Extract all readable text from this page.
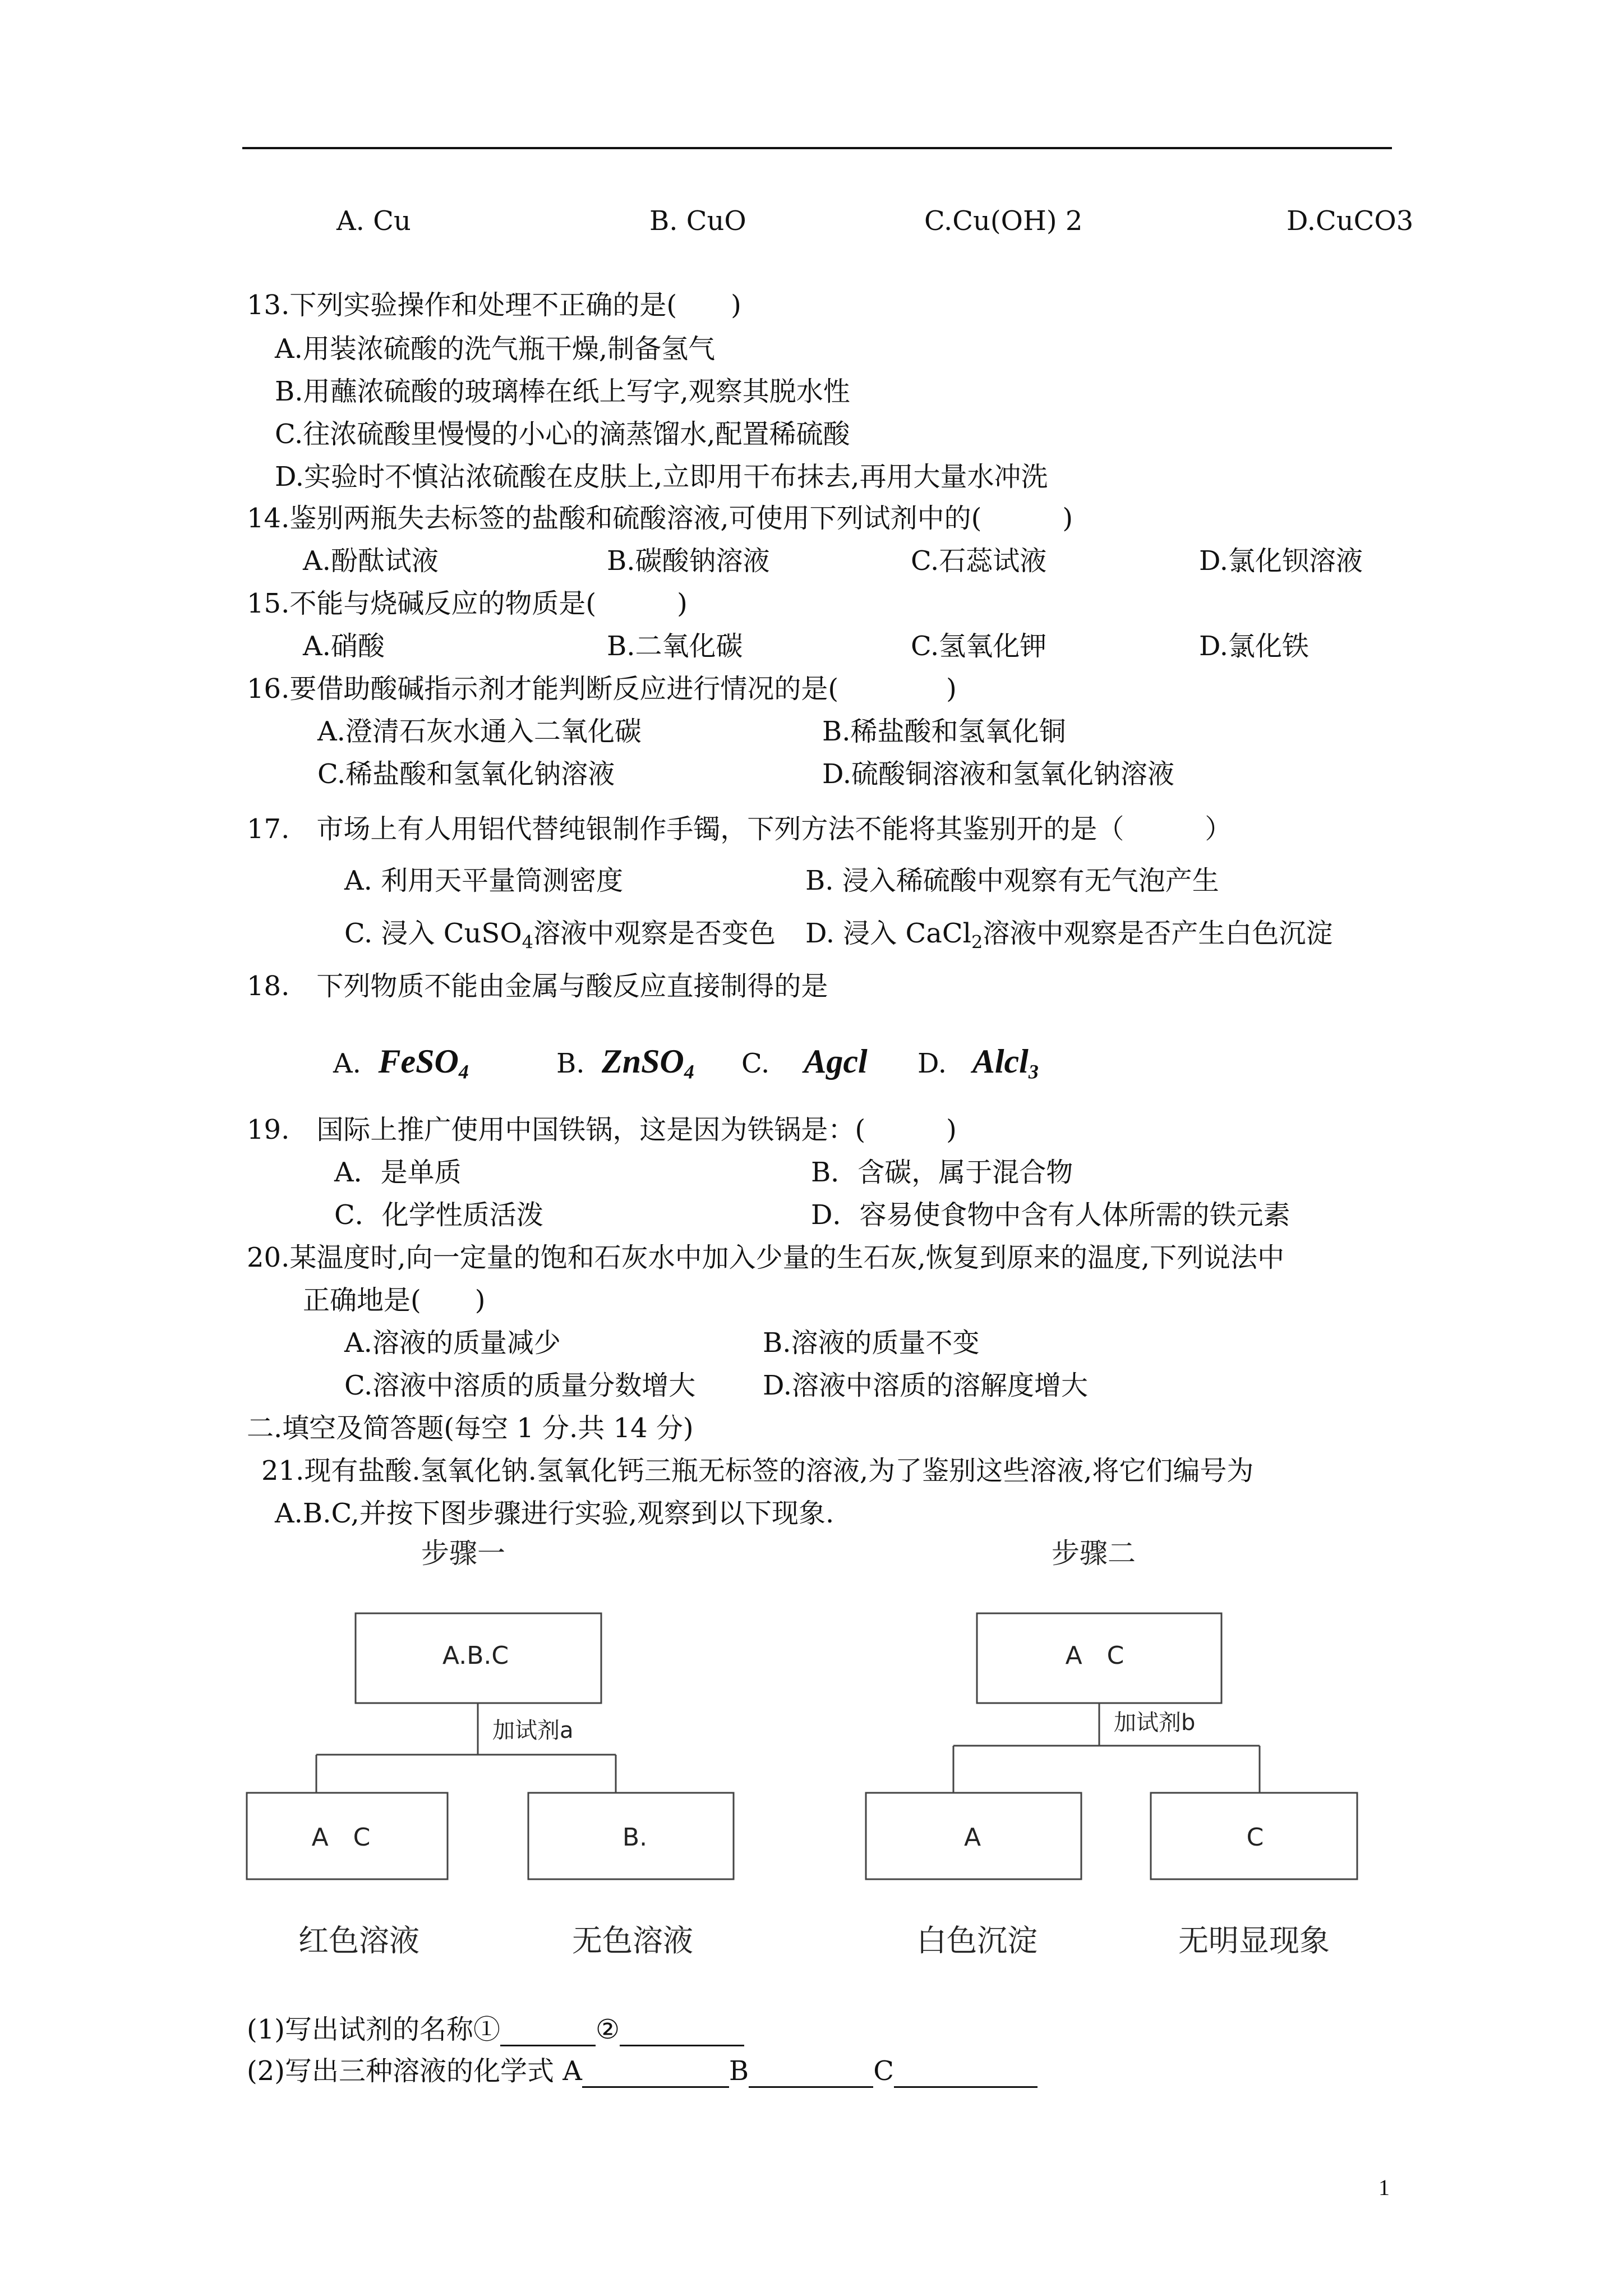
A. Cu	B. CuO	C.Cu(OH) 2	D.CuCO3
13.下列实验操作和处理不正确的是(　　)
A.用装浓硫酸的洗气瓶干燥,制备氢气
B.用蘸浓硫酸的玻璃棒在纸上写字,观察其脱水性
C.往浓硫酸里慢慢的小心的滴蒸馏水,配置稀硫酸
D.实验时不慎沾浓硫酸在皮肤上,立即用干布抹去,再用大量水冲洗
14.鉴别两瓶失去标签的盐酸和硫酸溶液,可使用下列试剂中的(　　　)
A.酚酞试液	B.碳酸钠溶液	C.石蕊试液	D.氯化钡溶液
15.不能与烧碱反应的物质是(　　　)
A.硝酸	B.二氧化碳	C.氢氧化钾	D.氯化铁
16.要借助酸碱指示剂才能判断反应进行情况的是(　　　　)
A.澄清石灰水通入二氧化碳	B.稀盐酸和氢氧化铜
C.稀盐酸和氢氧化钠溶液	D.硫酸铜溶液和氢氧化钠溶液
17.　市场上有人用铝代替纯银制作手镯，下列方法不能将其鉴别开的是（　　　）
A. 利用天平量筒测密度	B. 浸入稀硫酸中观察有无气泡产生
C. 浸入 CuSO$_4$溶液中观察是否变色 D. 浸入 CaCl$_2$溶液中观察是否产生白色沉淀
18.　下列物质不能由金属与酸反应直接制得的是
A. FeSO$_4$	B. ZnSO$_4$ C. Agcl D. Alcl$_3$
19.　国际上推广使用中国铁锅，这是因为铁锅是：(　　　)
A．是单质	B．含碳，属于混合物
C．化学性质活泼	D．容易使食物中含有人体所需的铁元素
20.某温度时,向一定量的饱和石灰水中加入少量的生石灰,恢复到原来的温度,下列说法中
正确地是(　　)
A.溶液的质量减少	B.溶液的质量不变
C.溶液中溶质的质量分数增大 D.溶液中溶质的溶解度增大
二.填空及简答题(每空 1 分.共 14 分)
21.现有盐酸.氢氧化钠.氢氧化钙三瓶无标签的溶液,为了鉴别这些溶液,将它们编号为
A.B.C,并按下图步骤进行实验,观察到以下现象.
步骤一
A.B.C
加试剂a
A　C	B.
红色溶液	无色溶液
步骤二
A　C
加试剂b
A	C
白色沉淀	无明显现象
(1)写出试剂的名称①	②
(2)写出三种溶液的化学式 A	B	C
1
